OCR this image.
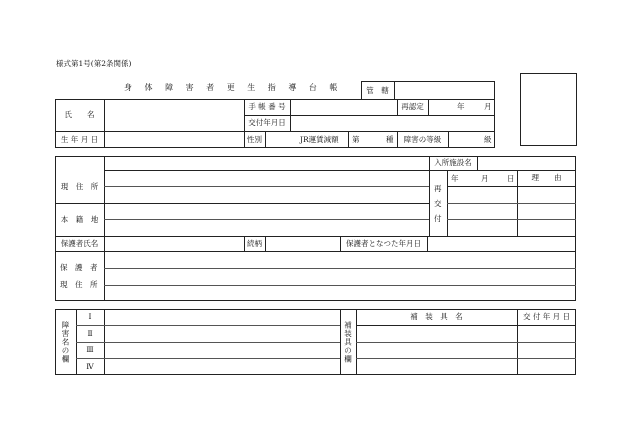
様式第1号(第2条関係)
身 体 障 害 者 更 生 指 導 台 帳	管　轄
氏　　名
手 帳 番 号	再認定	年	月
交付年月日
生 年 月 日	性別	JR運賃減額 第	種	障害の等級	級
入所施設名
現　住　所
本　籍　地
再
交
付
年	月 日	理　　由
保護者氏名	続柄	保護者となつた年月日
保　護　者
現　住　所
障害名の欄
Ⅰ
Ⅱ
Ⅲ
Ⅳ
補装具の欄
補　装　具　名	交 付 年 月 日
